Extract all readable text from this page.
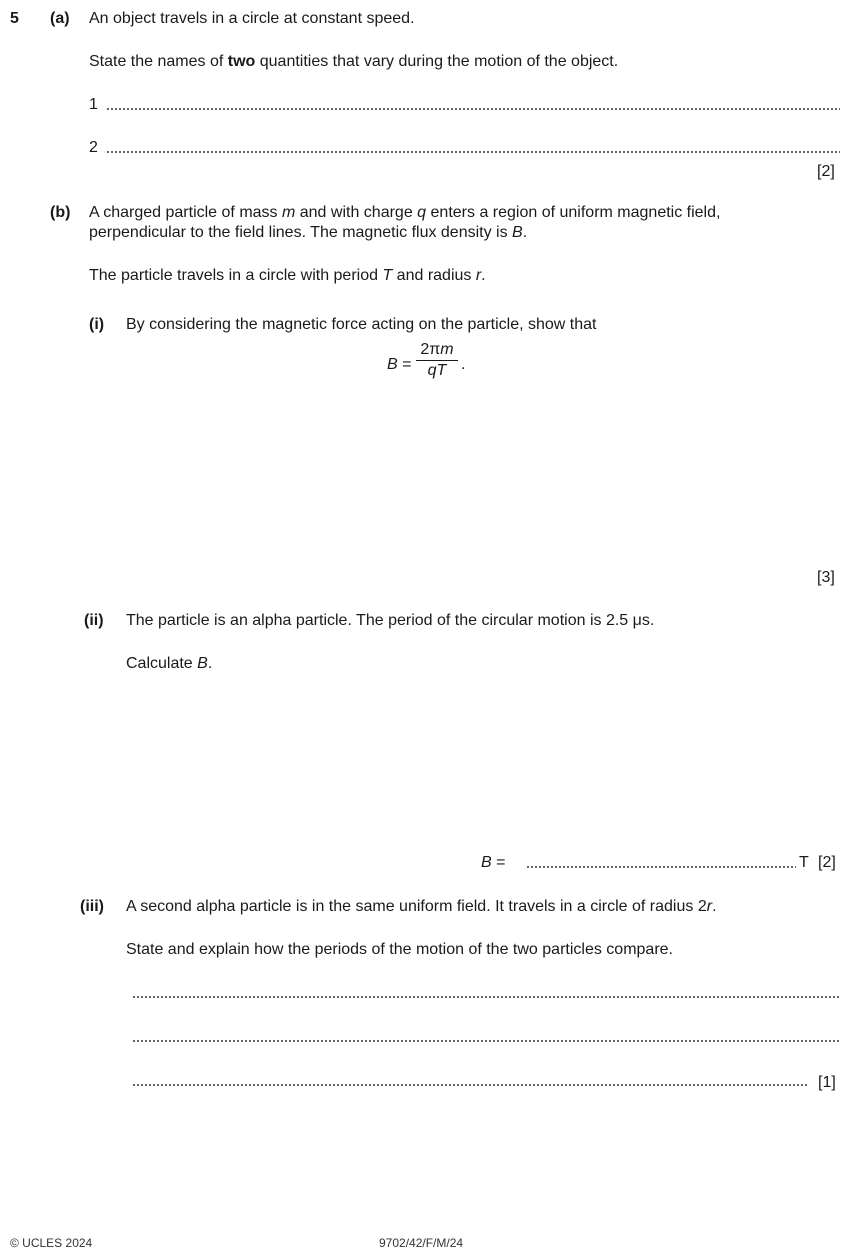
5 (a) An object travels in a circle at constant speed.
State the names of two quantities that vary during the motion of the object.
1
2
[2]
(b) A charged particle of mass m and with charge q enters a region of uniform magnetic field,
perpendicular to the field lines. The magnetic flux density is B.
The particle travels in a circle with period T and radius r.
(i) By considering the magnetic force acting on the particle, show that
B =
2πm
qT .
[3]
(ii) The particle is an alpha particle. The period of the circular motion is 2.5 μs.
Calculate B.
B =	T [2]
(iii) A second alpha particle is in the same uniform field. It travels in a circle of radius 2r.
State and explain how the periods of the motion of the two particles compare.
[1]
© UCLES 2024	9702/42/F/M/24
